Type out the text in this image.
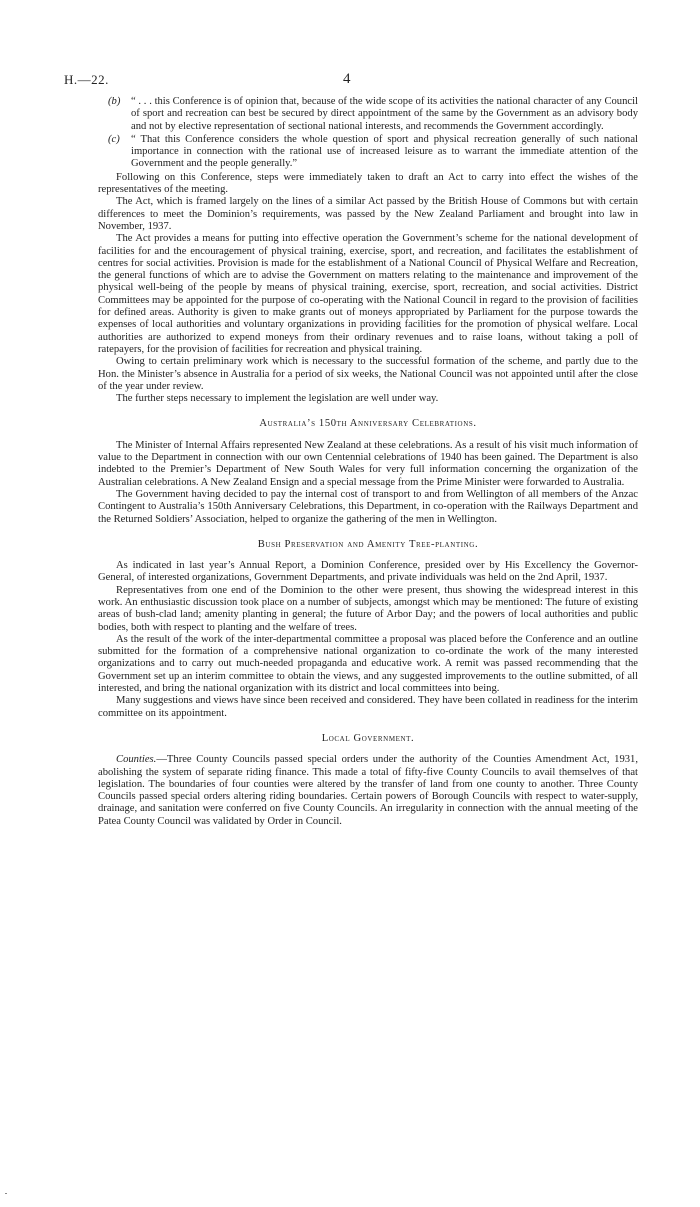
H.—22.	4

(b) “ . . . this Conference is of opinion that, because of the wide scope of its activities the national character of any Council of sport and recreation can best be secured by direct appointment of the same by the Government as an advisory body and not by elective representation of sectional national interests, and recommends the Government accordingly.

(c) “ That this Conference considers the whole question of sport and physical recreation generally of such national importance in connection with the rational use of increased leisure as to warrant the immediate attention of the Government and the people generally.”

Following on this Conference, steps were immediately taken to draft an Act to carry into effect the wishes of the representatives of the meeting.

The Act, which is framed largely on the lines of a similar Act passed by the British House of Commons but with certain differences to meet the Dominion’s requirements, was passed by the New Zealand Parliament and brought into law in November, 1937.

The Act provides a means for putting into effective operation the Government’s scheme for the national development of facilities for and the encouragement of physical training, exercise, sport, and recreation, and facilitates the establishment of centres for social activities. Provision is made for the establishment of a National Council of Physical Welfare and Recreation, the general functions of which are to advise the Government on matters relating to the maintenance and improvement of the physical well-being of the people by means of physical training, exercise, sport, recreation, and social activities. District Committees may be appointed for the purpose of co-operating with the National Council in regard to the provision of facilities for defined areas. Authority is given to make grants out of moneys appropriated by Parliament for the purpose towards the expenses of local authorities and voluntary organizations in providing facilities for the promotion of physical welfare. Local authorities are authorized to expend moneys from their ordinary revenues and to raise loans, without taking a poll of ratepayers, for the provision of facilities for recreation and physical training.

Owing to certain preliminary work which is necessary to the successful formation of the scheme, and partly due to the Hon. the Minister’s absence in Australia for a period of six weeks, the National Council was not appointed until after the close of the year under review.

The further steps necessary to implement the legislation are well under way.

Australia’s 150th Anniversary Celebrations.

The Minister of Internal Affairs represented New Zealand at these celebrations. As a result of his visit much information of value to the Department in connection with our own Centennial celebrations of 1940 has been gained. The Department is also indebted to the Premier’s Department of New South Wales for very full information concerning the organization of the Australian celebrations. A New Zealand Ensign and a special message from the Prime Minister were forwarded to Australia.

The Government having decided to pay the internal cost of transport to and from Wellington of all members of the Anzac Contingent to Australia’s 150th Anniversary Celebrations, this Department, in co-operation with the Railways Department and the Returned Soldiers’ Association, helped to organize the gathering of the men in Wellington.

Bush Preservation and Amenity Tree-planting.

As indicated in last year’s Annual Report, a Dominion Conference, presided over by His Excellency the Governor-General, of interested organizations, Government Departments, and private individuals was held on the 2nd April, 1937.

Representatives from one end of the Dominion to the other were present, thus showing the widespread interest in this work. An enthusiastic discussion took place on a number of subjects, amongst which may be mentioned: The future of existing areas of bush-clad land; amenity planting in general; the future of Arbor Day; and the powers of local authorities and public bodies, both with respect to planting and the welfare of trees.

As the result of the work of the inter-departmental committee a proposal was placed before the Conference and an outline submitted for the formation of a comprehensive national organization to co-ordinate the work of the many interested organizations and to carry out much-needed propaganda and educative work. A remit was passed recommending that the Government set up an interim committee to obtain the views, and any suggested improvements to the outline submitted, of all interested, and bring the national organization with its district and local committees into being.

Many suggestions and views have since been received and considered. They have been collated in readiness for the interim committee on its appointment.

Local Government.

Counties.—Three County Councils passed special orders under the authority of the Counties Amendment Act, 1931, abolishing the system of separate riding finance. This made a total of fifty-five County Councils to avail themselves of that legislation. The boundaries of four counties were altered by the transfer of land from one county to another. Three County Councils passed special orders altering riding boundaries. Certain powers of Borough Councils with respect to water-supply, drainage, and sanitation were conferred on five County Councils. An irregularity in connection with the annual meeting of the Patea County Council was validated by Order in Council.
